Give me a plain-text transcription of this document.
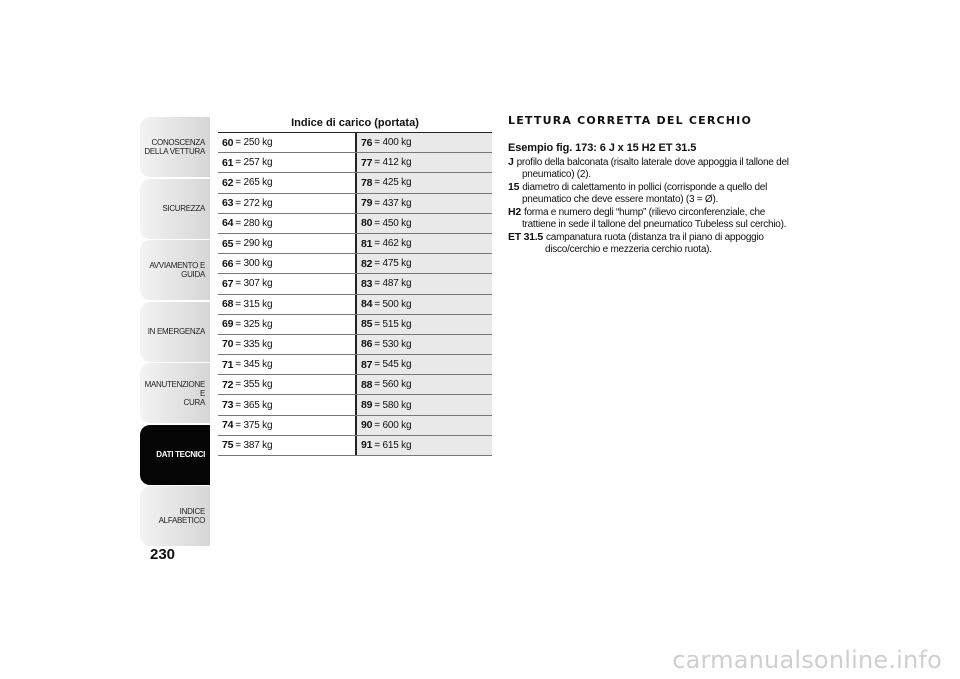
CONOSCENZA
DELLA VETTURA
SICUREZZA
AVVIAMENTO E
GUIDA
IN EMERGENZA
MANUTENZIONE E
CURA
DATI TECNICI
INDICE ALFABETICO
230
Indice di carico (portata)
60 = 250 kg	76 = 400 kg
61 = 257 kg	77 = 412 kg
62 = 265 kg	78 = 425 kg
63 = 272 kg	79 = 437 kg
64 = 280 kg	80 = 450 kg
65 = 290 kg	81 = 462 kg
66 = 300 kg	82 = 475 kg
67 = 307 kg	83 = 487 kg
68 = 315 kg	84 = 500 kg
69 = 325 kg	85 = 515 kg
70 = 335 kg	86 = 530 kg
71 = 345 kg	87 = 545 kg
72 = 355 kg	88 = 560 kg
73 = 365 kg	89 = 580 kg
74 = 375 kg	90 = 600 kg
75 = 387 kg	91 = 615 kg
LETTURA CORRETTA DEL CERCHIO
Esempio fig. 173: 6 J x 15 H2 ET 31.5
J profilo della balconata (risalto laterale dove appoggia il tallone del
pneumatico) (2).
15 diametro di calettamento in pollici (corrisponde a quello del
pneumatico che deve essere montato) (3 = Ø).
H2 forma e numero degli “hump” (rilievo circonferenziale, che
trattiene in sede il tallone del pneumatico Tubeless sul cerchio).
ET 31.5 campanatura ruota (distanza tra il piano di appoggio
disco/cerchio e mezzeria cerchio ruota).
carmanualsonline.info
